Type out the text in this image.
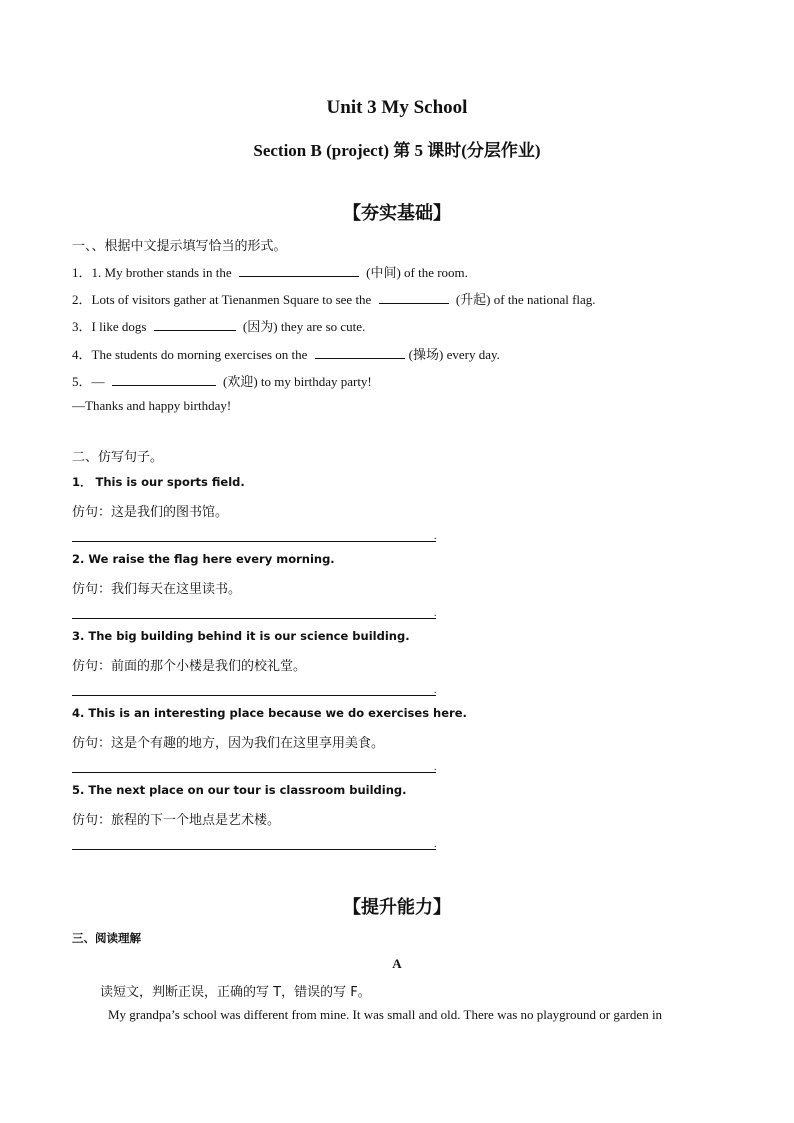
Unit 3 My School
Section B (project) 第 5 课时(分层作业)
【夯实基础】
一、、根据中文提示填写恰当的形式。
1．1. My brother stands in the	(中间) of the room.
2．Lots of visitors gather at Tienanmen Square to see the	(升起) of the national flag.
3．I like dogs	(因为) they are so cute.
4．The students do morning exercises on the	(操场) every day.
5．—	(欢迎) to my birthday party!
—Thanks and happy birthday!
二、仿写句子。
1． This is our sports field.
仿句：这是我们的图书馆。
.
2. We raise the flag here every morning.
仿句：我们每天在这里读书。
.
3. The big building behind it is our science building.
仿句：前面的那个小楼是我们的校礼堂。
.
4. This is an interesting place because we do exercises here.
仿句：这是个有趣的地方，因为我们在这里享用美食。
.
5. The next place on our tour is classroom building.
仿句：旅程的下一个地点是艺术楼。
.
【提升能力】
三、阅读理解
A
读短文，判断正误，正确的写 T，错误的写 F。
My grandpa’s school was different from mine. It was small and old. There was no playground or garden in
